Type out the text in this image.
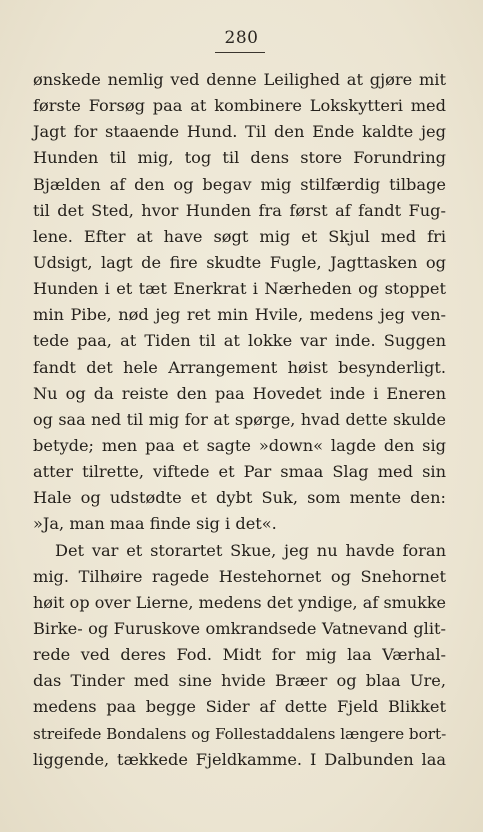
280
ønskede nemlig ved denne Leilighed at gjøre mit
første Forsøg paa at kombinere Lokskytteri med
Jagt for staaende Hund. Til den Ende kaldte jeg
Hunden til mig, tog til dens store Forundring
Bjælden af den og begav mig stilfærdig tilbage
til det Sted, hvor Hunden fra først af fandt Fug-
lene. Efter at have søgt mig et Skjul med fri
Udsigt, lagt de fire skudte Fugle, Jagttasken og
Hunden i et tæt Enerkrat i Nærheden og stoppet
min Pibe, nød jeg ret min Hvile, medens jeg ven-
tede paa, at Tiden til at lokke var inde. Suggen
fandt det hele Arrangement høist besynderligt.
Nu og da reiste den paa Hovedet inde i Eneren
og saa ned til mig for at spørge, hvad dette skulde
betyde; men paa et sagte »down« lagde den sig
atter tilrette, viftede et Par smaa Slag med sin
Hale og udstødte et dybt Suk, som mente den:
»Ja, man maa finde sig i det«.
Det var et storartet Skue, jeg nu havde foran
mig. Tilhøire ragede Hestehornet og Snehornet
høit op over Lierne, medens det yndige, af smukke
Birke- og Furuskove omkrandsede Vatnevand glit-
rede ved deres Fod. Midt for mig laa Værhal-
das Tinder med sine hvide Bræer og blaa Ure,
medens paa begge Sider af dette Fjeld Blikket
streifede Bondalens og Follestaddalens længere bort-
liggende, tækkede Fjeldkamme. I Dalbunden laa
